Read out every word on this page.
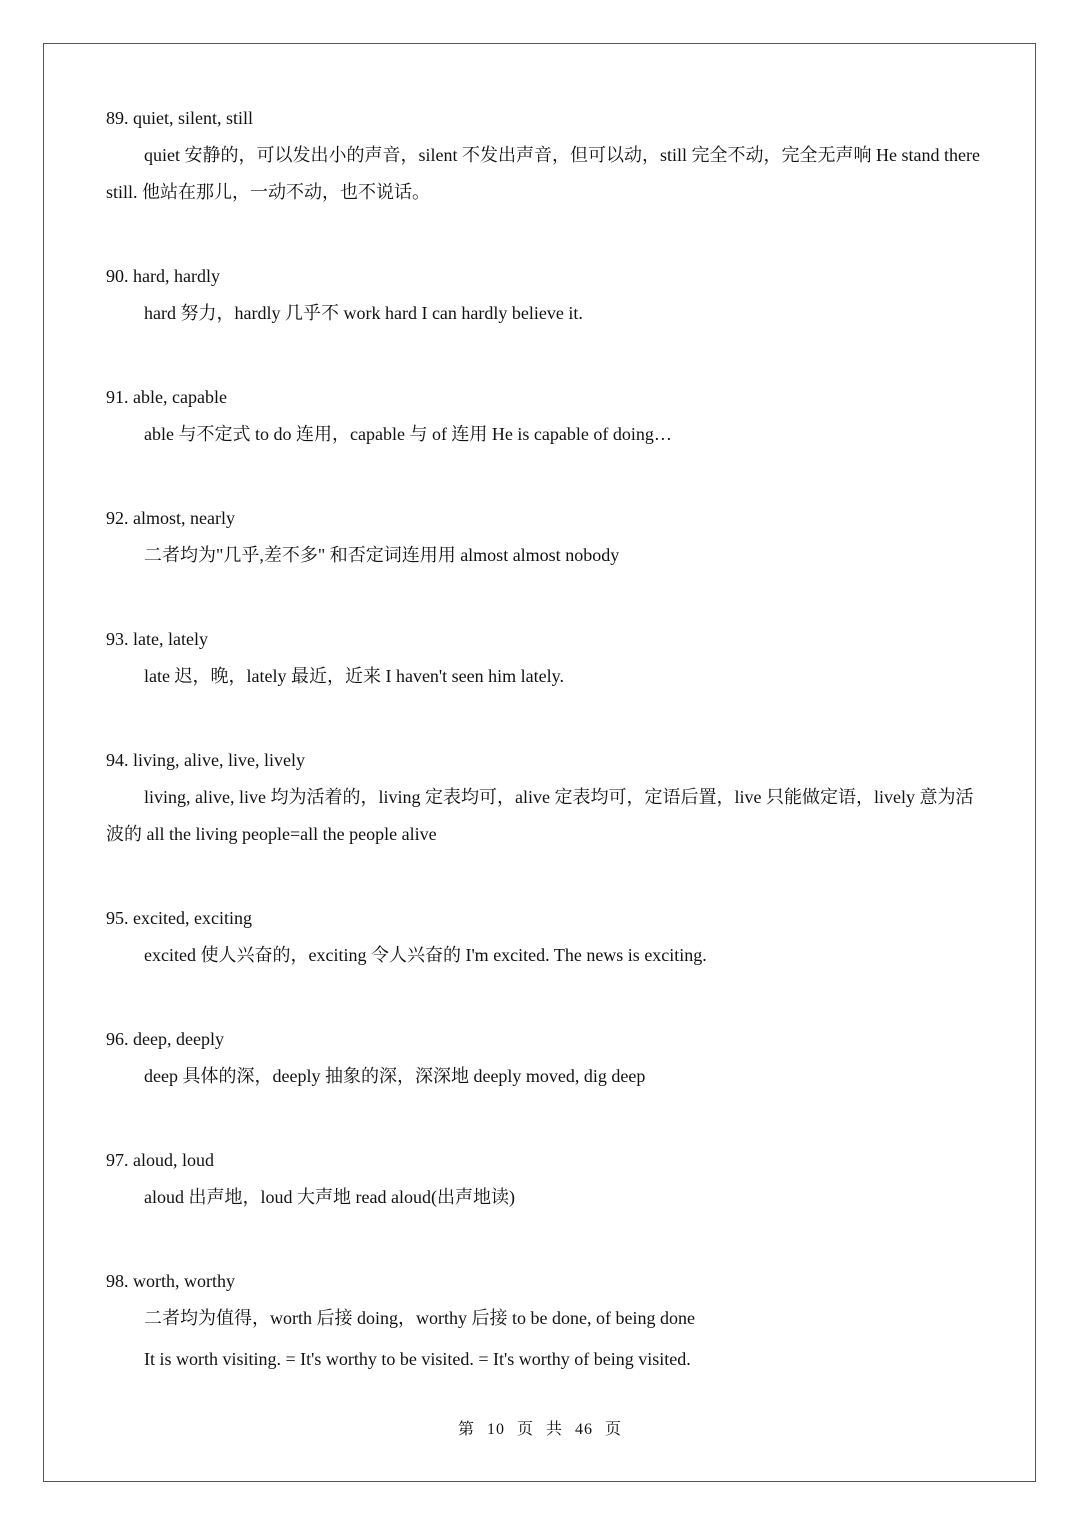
89. quiet, silent, still

quiet 安静的，可以发出小的声音，silent 不发出声音，但可以动，still 完全不动，完全无声响 He stand there still. 他站在那儿，一动不动，也不说话。

90. hard, hardly

hard 努力，hardly 几乎不 work hard I can hardly believe it.

91. able, capable

able 与不定式 to do 连用，capable 与 of 连用 He is capable of doing…

92. almost, nearly

二者均为"几乎,差不多" 和否定词连用用 almost almost nobody

93. late, lately

late 迟，晚，lately 最近，近来 I haven't seen him lately.

94. living, alive, live, lively

living, alive, live 均为活着的，living 定表均可，alive 定表均可，定语后置，live 只能做定语，lively 意为活波的 all the living people=all the people alive

95. excited, exciting

excited 使人兴奋的，exciting 令人兴奋的 I'm excited. The news is exciting.

96. deep, deeply

deep 具体的深，deeply 抽象的深，深深地 deeply moved, dig deep

97. aloud, loud

aloud 出声地，loud 大声地 read aloud(出声地读)

98. worth, worthy

二者均为值得，worth 后接 doing，worthy 后接 to be done, of being done

It is worth visiting. = It's worthy to be visited. = It's worthy of being visited.

第 10 页 共 46 页
